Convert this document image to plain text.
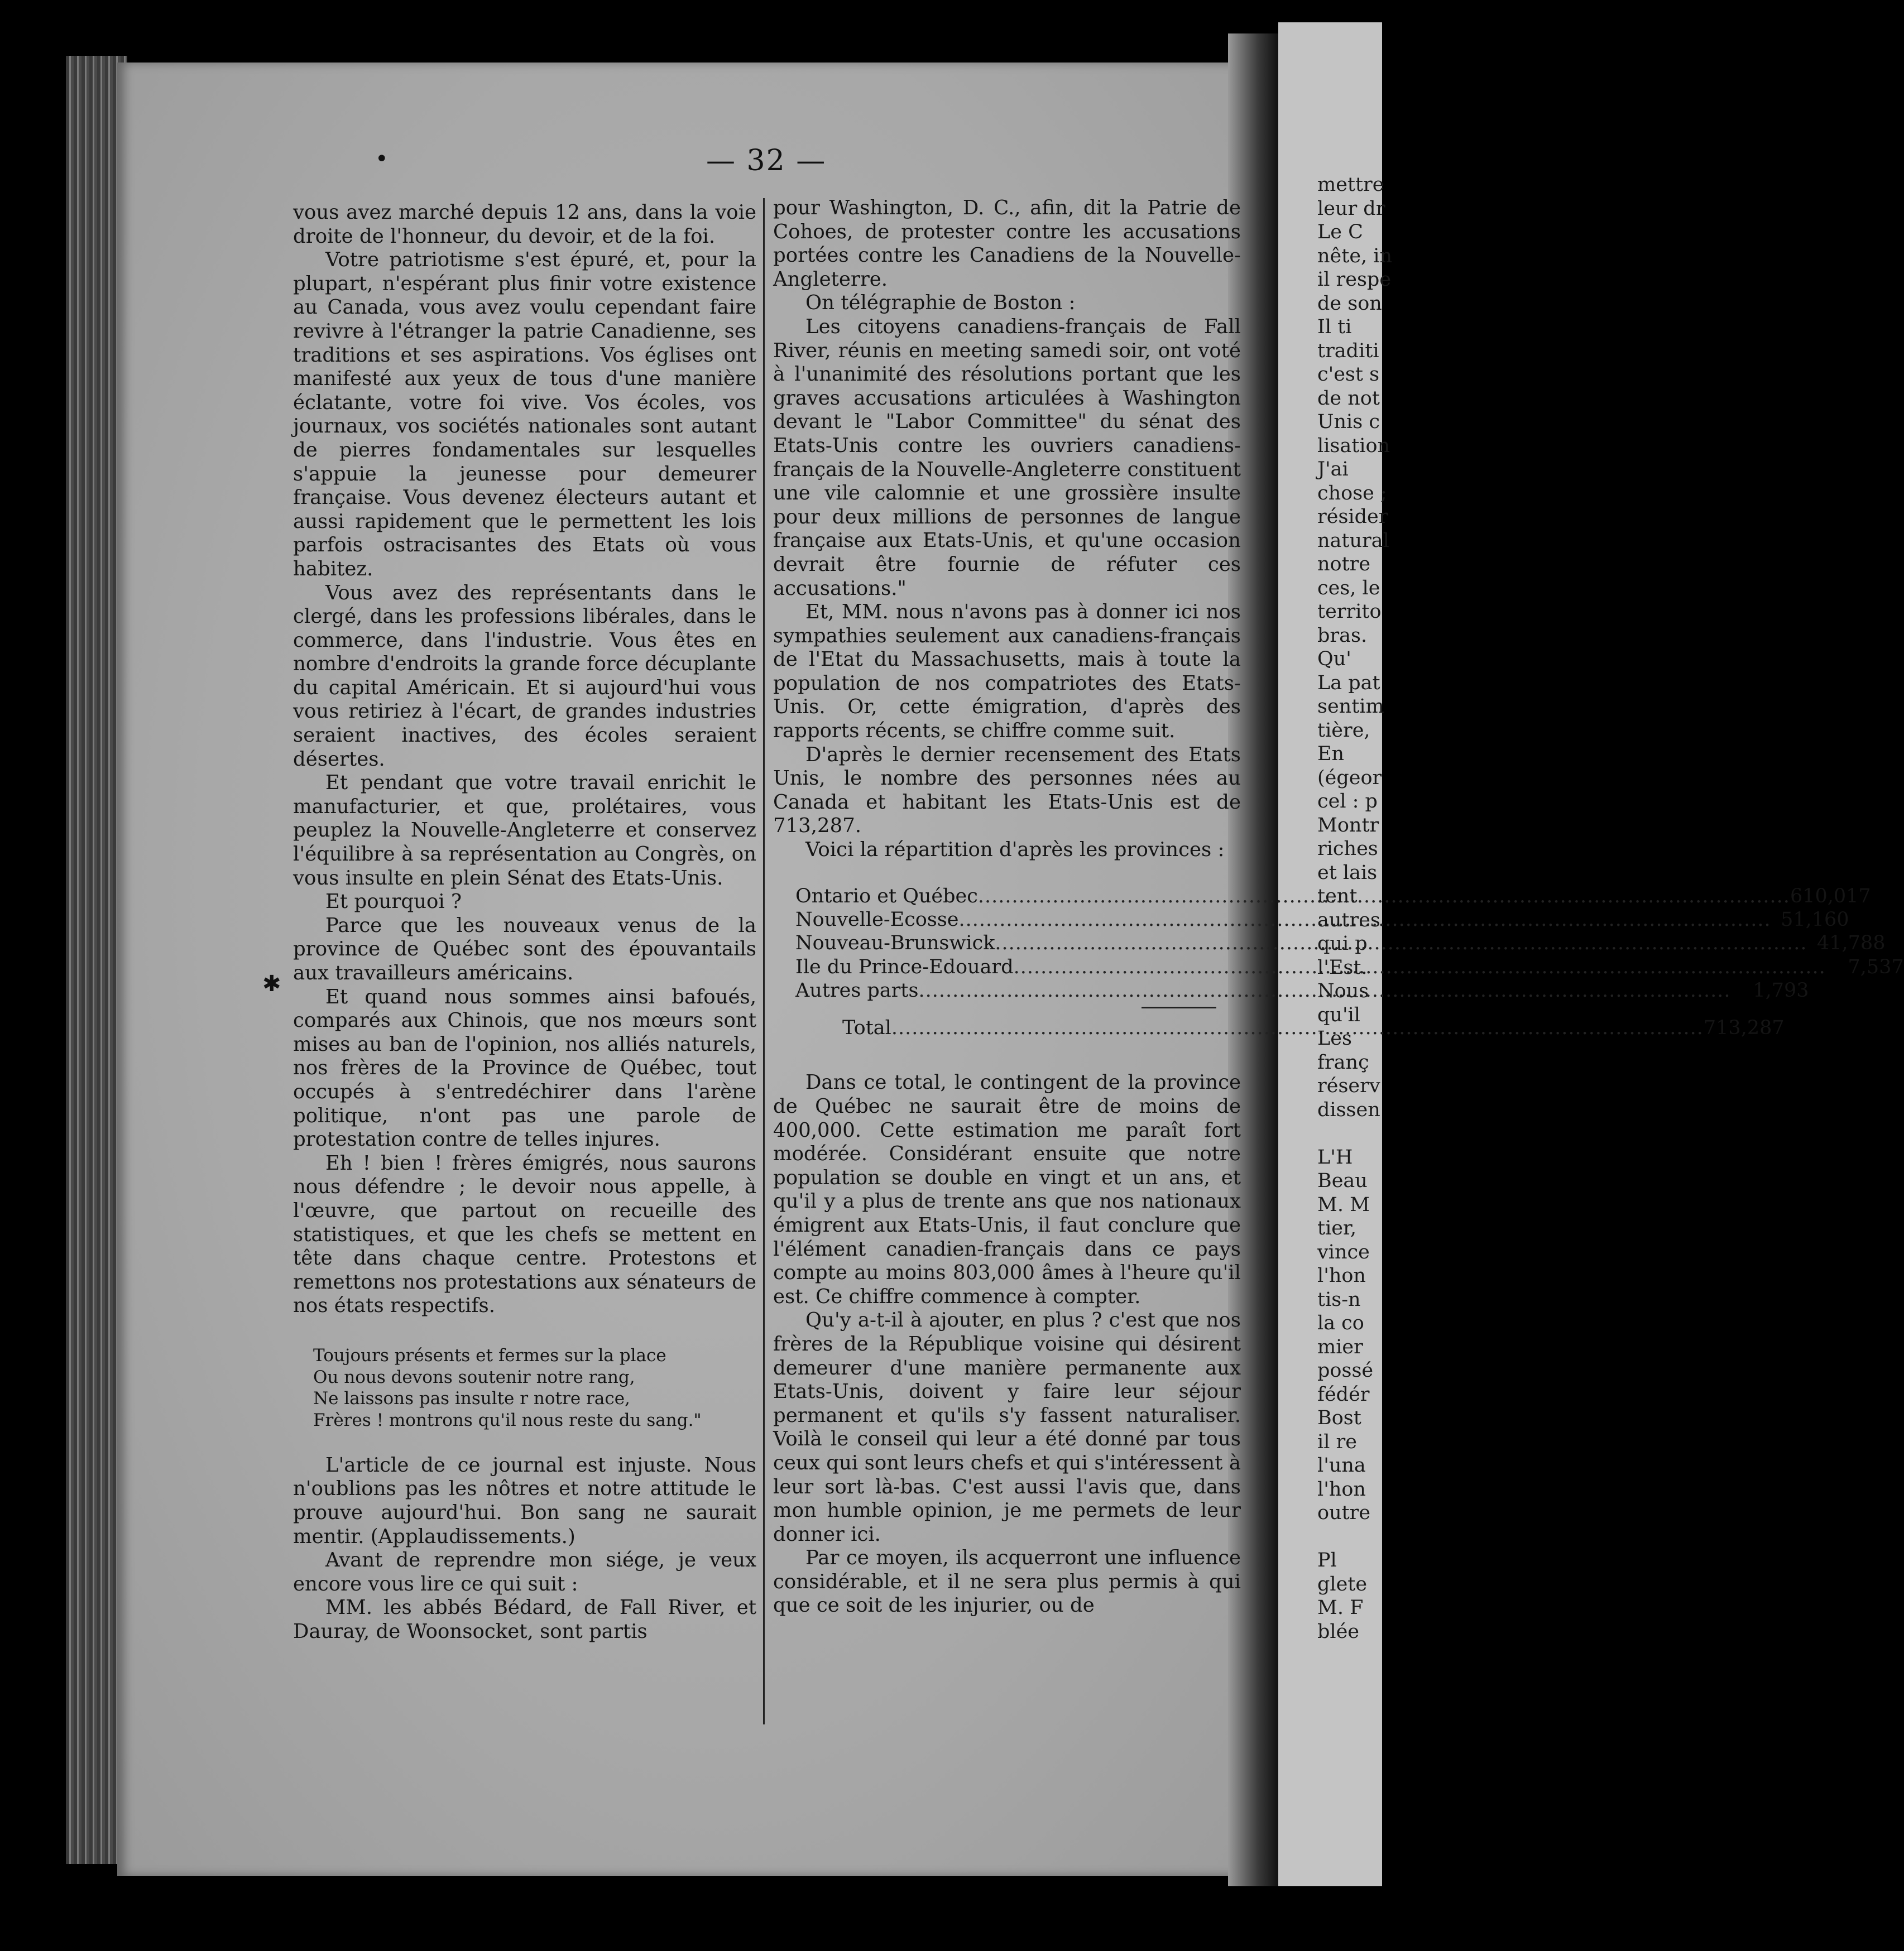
— 32 —
•
✱

vous avez marché depuis 12 ans, dans la voie droite de l'honneur, du devoir, et de la foi.

Votre patriotisme s'est épuré, et, pour la plupart, n'espérant plus finir votre existence au Canada, vous avez voulu cependant faire revivre à l'étranger la patrie Canadienne, ses traditions et ses aspirations. Vos églises ont manifesté aux yeux de tous d'une manière éclatante, votre foi vive. Vos écoles, vos journaux, vos sociétés nationales sont autant de pierres fondamentales sur lesquelles s'appuie la jeunesse pour demeurer française. Vous devenez électeurs autant et aussi rapidement que le permettent les lois parfois ostracisantes des Etats où vous habitez.

Vous avez des représentants dans le clergé, dans les professions libérales, dans le commerce, dans l'industrie. Vous êtes en nombre d'endroits la grande force décuplante du capital Américain. Et si aujourd'hui vous vous retiriez à l'écart, de grandes industries seraient inactives, des écoles seraient désertes.

Et pendant que votre travail enrichit le manufacturier, et que, prolétaires, vous peuplez la Nouvelle-Angleterre et conservez l'équilibre à sa représentation au Congrès, on vous insulte en plein Sénat des Etats-Unis.

Et pourquoi ?

Parce que les nouveaux venus de la province de Québec sont des épouvantails aux travailleurs américains.

Et quand nous sommes ainsi bafoués, comparés aux Chinois, que nos mœurs sont mises au ban de l'opinion, nos alliés naturels, nos frères de la Province de Québec, tout occupés à s'entredéchirer dans l'arène politique, n'ont pas une parole de protestation contre de telles injures.

Eh ! bien ! frères émigrés, nous saurons nous défendre ; le devoir nous appelle, à l'œuvre, que partout on recueille des statistiques, et que les chefs se mettent en tête dans chaque centre. Protestons et remettons nos protestations aux sénateurs de nos états respectifs.

Toujours présents et fermes sur la place
Ou nous devons soutenir notre rang,
Ne laissons pas insulte r notre race,
Frères ! montrons qu'il nous reste du sang."

L'article de ce journal est injuste. Nous n'oublions pas les nôtres et notre attitude le prouve aujourd'hui. Bon sang ne saurait mentir. (Applaudissements.)

Avant de reprendre mon siége, je veux encore vous lire ce qui suit :

MM. les abbés Bédard, de Fall River, et Dauray, de Woonsocket, sont partis

pour Washington, D. C., afin, dit la Patrie de Cohoes, de protester contre les accusations portées contre les Canadiens de la Nouvelle-Angleterre.

On télégraphie de Boston :

Les citoyens canadiens-français de Fall River, réunis en meeting samedi soir, ont voté à l'unanimité des résolutions portant que les graves accusations articulées à Washington devant le "Labor Committee" du sénat des Etats-Unis contre les ouvriers canadiens-français de la Nouvelle-Angleterre constituent une vile calomnie et une grossière insulte pour deux millions de personnes de langue française aux Etats-Unis, et qu'une occasion devrait être fournie de réfuter ces accusations."

Et, MM. nous n'avons pas à donner ici nos sympathies seulement aux canadiens-français de l'Etat du Massachusetts, mais à toute la population de nos compatriotes des Etats-Unis. Or, cette émigration, d'après des rapports récents, se chiffre comme suit.

D'après le dernier recensement des Etats Unis, le nombre des personnes nées au Canada et habitant les Etats-Unis est de 713,287.

Voici la répartition d'après les provinces :

Ontario et Québec .....	610,017
Nouvelle-Ecosse .....	51,160
Nouveau-Brunswick .....	41,788
Ile du Prince-Edouard .....	7,537
Autres parts .....	1,793
Total .....	713,287

Dans ce total, le contingent de la province de Québec ne saurait être de moins de 400,000. Cette estimation me paraît fort modérée. Considérant ensuite que notre population se double en vingt et un ans, et qu'il y a plus de trente ans que nos nationaux émigrent aux Etats-Unis, il faut conclure que l'élément canadien-français dans ce pays compte au moins 803,000 âmes à l'heure qu'il est. Ce chiffre commence à compter.

Qu'y a-t-il à ajouter, en plus ? c'est que nos frères de la République voisine qui désirent demeurer d'une manière permanente aux Etats-Unis, doivent y faire leur séjour permanent et qu'ils s'y fassent naturaliser. Voilà le conseil qui leur a été donné par tous ceux qui sont leurs chefs et qui s'intéressent à leur sort là-bas. C'est aussi l'avis que, dans mon humble opinion, je me permets de leur donner ici.

Par ce moyen, ils acquerront une influence considérable, et il ne sera plus permis à qui que ce soit de les injurier, ou de

mettre
leur dr
Le C
nête, in
il respe
de son
Il ti
traditi
c'est s
de not
Unis c
lisation
J'ai
chose ;
résider
natural
notre
ces, le
territo
bras.
Qu'
La pat
sentim
tière,
En
(égeor
cel : p
Montr
riches
et lais
tent
autres
qui p
l'Est.
Nous
qu'il
Les
franç
réserv
dissen
L'H
Beau
M. M
tier,
vince
l'hon
tis-n
la co
mier
possé
fédér
Bost
il re
l'una
l'hon
outre
Pl
glete
M. F
blée
